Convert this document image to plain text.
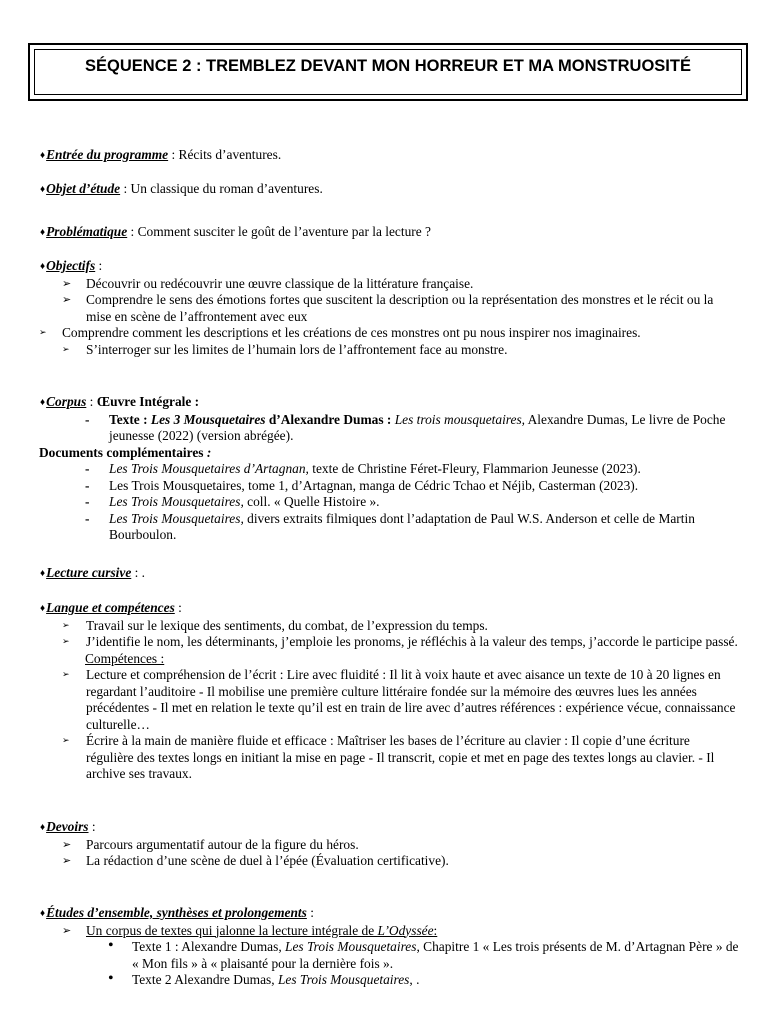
SÉQUENCE 2 : TREMBLEZ DEVANT MON HORREUR ET MA MONSTRUOSITÉ
♦Entrée du programme : Récits d’aventures.
♦Objet d’étude : Un classique du roman d’aventures.
♦Problématique : Comment susciter le goût de l’aventure par la lecture ?
♦Objectifs :
➢ Découvrir ou redécouvrir une œuvre classique de la littérature française.
➢ Comprendre le sens des émotions fortes que suscitent la description ou la représentation des monstres et le récit ou la mise en scène de l’affrontement avec eux
➢ Comprendre comment les descriptions et les créations de ces monstres ont pu nous inspirer nos imaginaires.
➢ S’interroger sur les limites de l’humain lors de l’affrontement face au monstre.
♦Corpus : Œuvre Intégrale :
- Texte : Les 3 Mousquetaires d’Alexandre Dumas : Les trois mousquetaires, Alexandre Dumas, Le livre de Poche jeunesse (2022) (version abrégée).
Documents complémentaires :
- Les Trois Mousquetaires d’Artagnan, texte de Christine Féret-Fleury, Flammarion Jeunesse (2023).
- Les Trois Mousquetaires, tome 1, d’Artagnan, manga de Cédric Tchao et Néjib, Casterman (2023).
- Les Trois Mousquetaires, coll. « Quelle Histoire ».
- Les Trois Mousquetaires, divers extraits filmiques dont l’adaptation de Paul W.S. Anderson et celle de Martin Bourboulon.
♦Lecture cursive : .
♦Langue et compétences :
➢ Travail sur le lexique des sentiments, du combat, de l’expression du temps.
➢ J’identifie le nom, les déterminants, j’emploie les pronoms, je réfléchis à la valeur des temps, j’accorde le participe passé.
Compétences :
➢ Lecture et compréhension de l’écrit : Lire avec fluidité : Il lit à voix haute et avec aisance un texte de 10 à 20 lignes en regardant l’auditoire - Il mobilise une première culture littéraire fondée sur la mémoire des œuvres lues les années précédentes - Il met en relation le texte qu’il est en train de lire avec d’autres références : expérience vécue, connaissance culturelle…
➢ Écrire à la main de manière fluide et efficace : Maîtriser les bases de l’écriture au clavier : Il copie d’une écriture régulière des textes longs en initiant la mise en page - Il transcrit, copie et met en page des textes longs au clavier. - Il archive ses travaux.
♦Devoirs :
➢ Parcours argumentatif autour de la figure du héros.
➢ La rédaction d’une scène de duel à l’épée (Évaluation certificative).
♦Études d’ensemble, synthèses et prolongements :
➢ Un corpus de textes qui jalonne la lecture intégrale de L’Odyssée:
• Texte 1 : Alexandre Dumas, Les Trois Mousquetaires, Chapitre 1 « Les trois présents de M. d’Artagnan Père » de « Mon fils » à « plaisanté pour la dernière fois ».
• Texte 2 Alexandre Dumas, Les Trois Mousquetaires, .
